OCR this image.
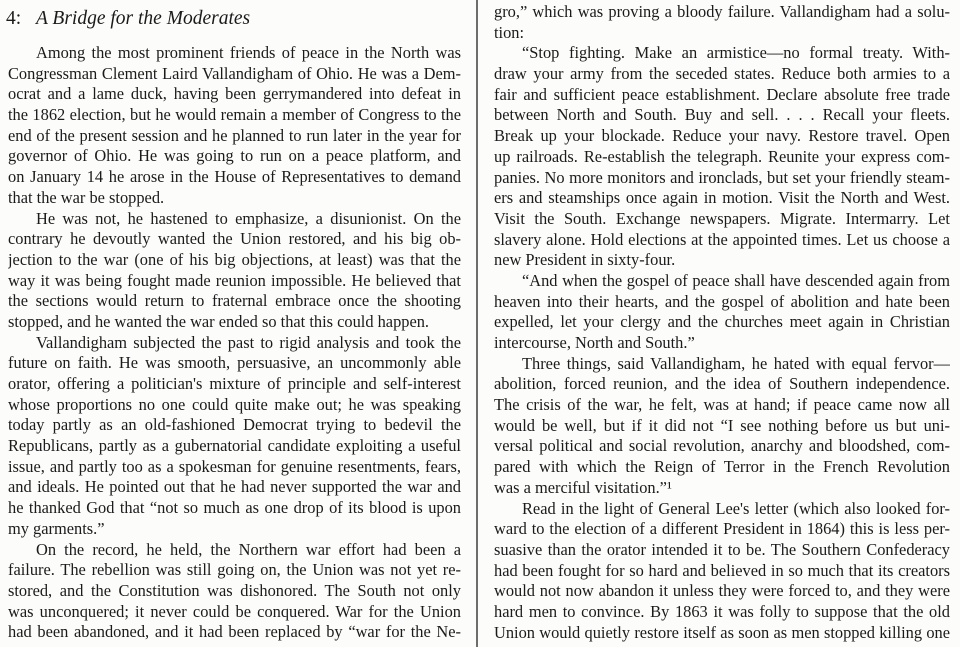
4: A Bridge for the Moderates
Among the most prominent friends of peace in the North was
Congressman Clement Laird Vallandigham of Ohio. He was a Dem-
ocrat and a lame duck, having been gerrymandered into defeat in
the 1862 election, but he would remain a member of Congress to the
end of the present session and he planned to run later in the year for
governor of Ohio. He was going to run on a peace platform, and
on January 14 he arose in the House of Representatives to demand
that the war be stopped.
He was not, he hastened to emphasize, a disunionist. On the
contrary he devoutly wanted the Union restored, and his big ob-
jection to the war (one of his big objections, at least) was that the
way it was being fought made reunion impossible. He believed that
the sections would return to fraternal embrace once the shooting
stopped, and he wanted the war ended so that this could happen.
Vallandigham subjected the past to rigid analysis and took the
future on faith. He was smooth, persuasive, an uncommonly able
orator, offering a politician's mixture of principle and self-interest
whose proportions no one could quite make out; he was speaking
today partly as an old-fashioned Democrat trying to bedevil the
Republicans, partly as a gubernatorial candidate exploiting a useful
issue, and partly too as a spokesman for genuine resentments, fears,
and ideals. He pointed out that he had never supported the war and
he thanked God that “not so much as one drop of its blood is upon
my garments.”
On the record, he held, the Northern war effort had been a
failure. The rebellion was still going on, the Union was not yet re-
stored, and the Constitution was dishonored. The South not only
was unconquered; it never could be conquered. War for the Union
had been abandoned, and it had been replaced by “war for the Ne-
gro,” which was proving a bloody failure. Vallandigham had a solu-
tion:
“Stop fighting. Make an armistice—no formal treaty. With-
draw your army from the seceded states. Reduce both armies to a
fair and sufficient peace establishment. Declare absolute free trade
between North and South. Buy and sell. . . . Recall your fleets.
Break up your blockade. Reduce your navy. Restore travel. Open
up railroads. Re-establish the telegraph. Reunite your express com-
panies. No more monitors and ironclads, but set your friendly steam-
ers and steamships once again in motion. Visit the North and West.
Visit the South. Exchange newspapers. Migrate. Intermarry. Let
slavery alone. Hold elections at the appointed times. Let us choose a
new President in sixty-four.
“And when the gospel of peace shall have descended again from
heaven into their hearts, and the gospel of abolition and hate been
expelled, let your clergy and the churches meet again in Christian
intercourse, North and South.”
Three things, said Vallandigham, he hated with equal fervor—
abolition, forced reunion, and the idea of Southern independence.
The crisis of the war, he felt, was at hand; if peace came now all
would be well, but if it did not “I see nothing before us but uni-
versal political and social revolution, anarchy and bloodshed, com-
pared with which the Reign of Terror in the French Revolution
was a merciful visitation.”¹
Read in the light of General Lee's letter (which also looked for-
ward to the election of a different President in 1864) this is less per-
suasive than the orator intended it to be. The Southern Confederacy
had been fought for so hard and believed in so much that its creators
would not now abandon it unless they were forced to, and they were
hard men to convince. By 1863 it was folly to suppose that the old
Union would quietly restore itself as soon as men stopped killing one
